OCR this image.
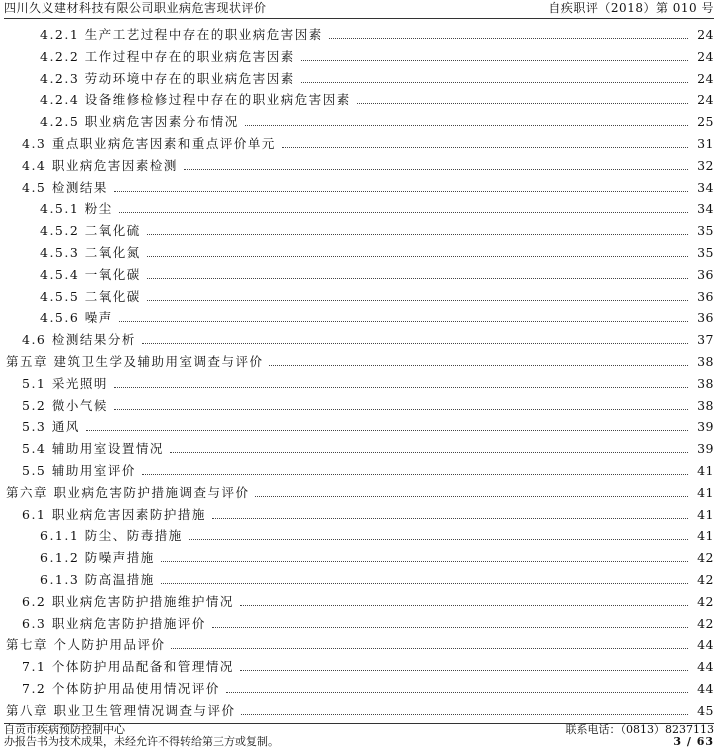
四川久义建材科技有限公司职业病危害现状评价	自疾职评（2018）第 010 号
4.2.1 生产工艺过程中存在的职业病危害因素	24
4.2.2 工作过程中存在的职业病危害因素	24
4.2.3 劳动环境中存在的职业病危害因素	24
4.2.4 设备维修检修过程中存在的职业病危害因素	24
4.2.5 职业病危害因素分布情况	25
4.3 重点职业病危害因素和重点评价单元	31
4.4 职业病危害因素检测	32
4.5 检测结果	34
4.5.1 粉尘	34
4.5.2 二氧化硫	35
4.5.3 二氧化氮	35
4.5.4 一氧化碳	36
4.5.5 二氧化碳	36
4.5.6 噪声	36
4.6 检测结果分析	37
第五章 建筑卫生学及辅助用室调查与评价	38
5.1 采光照明	38
5.2 微小气候	38
5.3 通风	39
5.4 辅助用室设置情况	39
5.5 辅助用室评价	41
第六章 职业病危害防护措施调查与评价	41
6.1 职业病危害因素防护措施	41
6.1.1 防尘、防毒措施	41
6.1.2 防噪声措施	42
6.1.3 防高温措施	42
6.2 职业病危害防护措施维护情况	42
6.3 职业病危害防护措施评价	42
第七章 个人防护用品评价	44
7.1 个体防护用品配备和管理情况	44
7.2 个体防护用品使用情况评价	44
第八章 职业卫生管理情况调查与评价	45
自贡市疾病预防控制中心	联系电话：（0813）8237113
办报告书为技术成果，未经允许不得转给第三方或复制。	3 / 63
